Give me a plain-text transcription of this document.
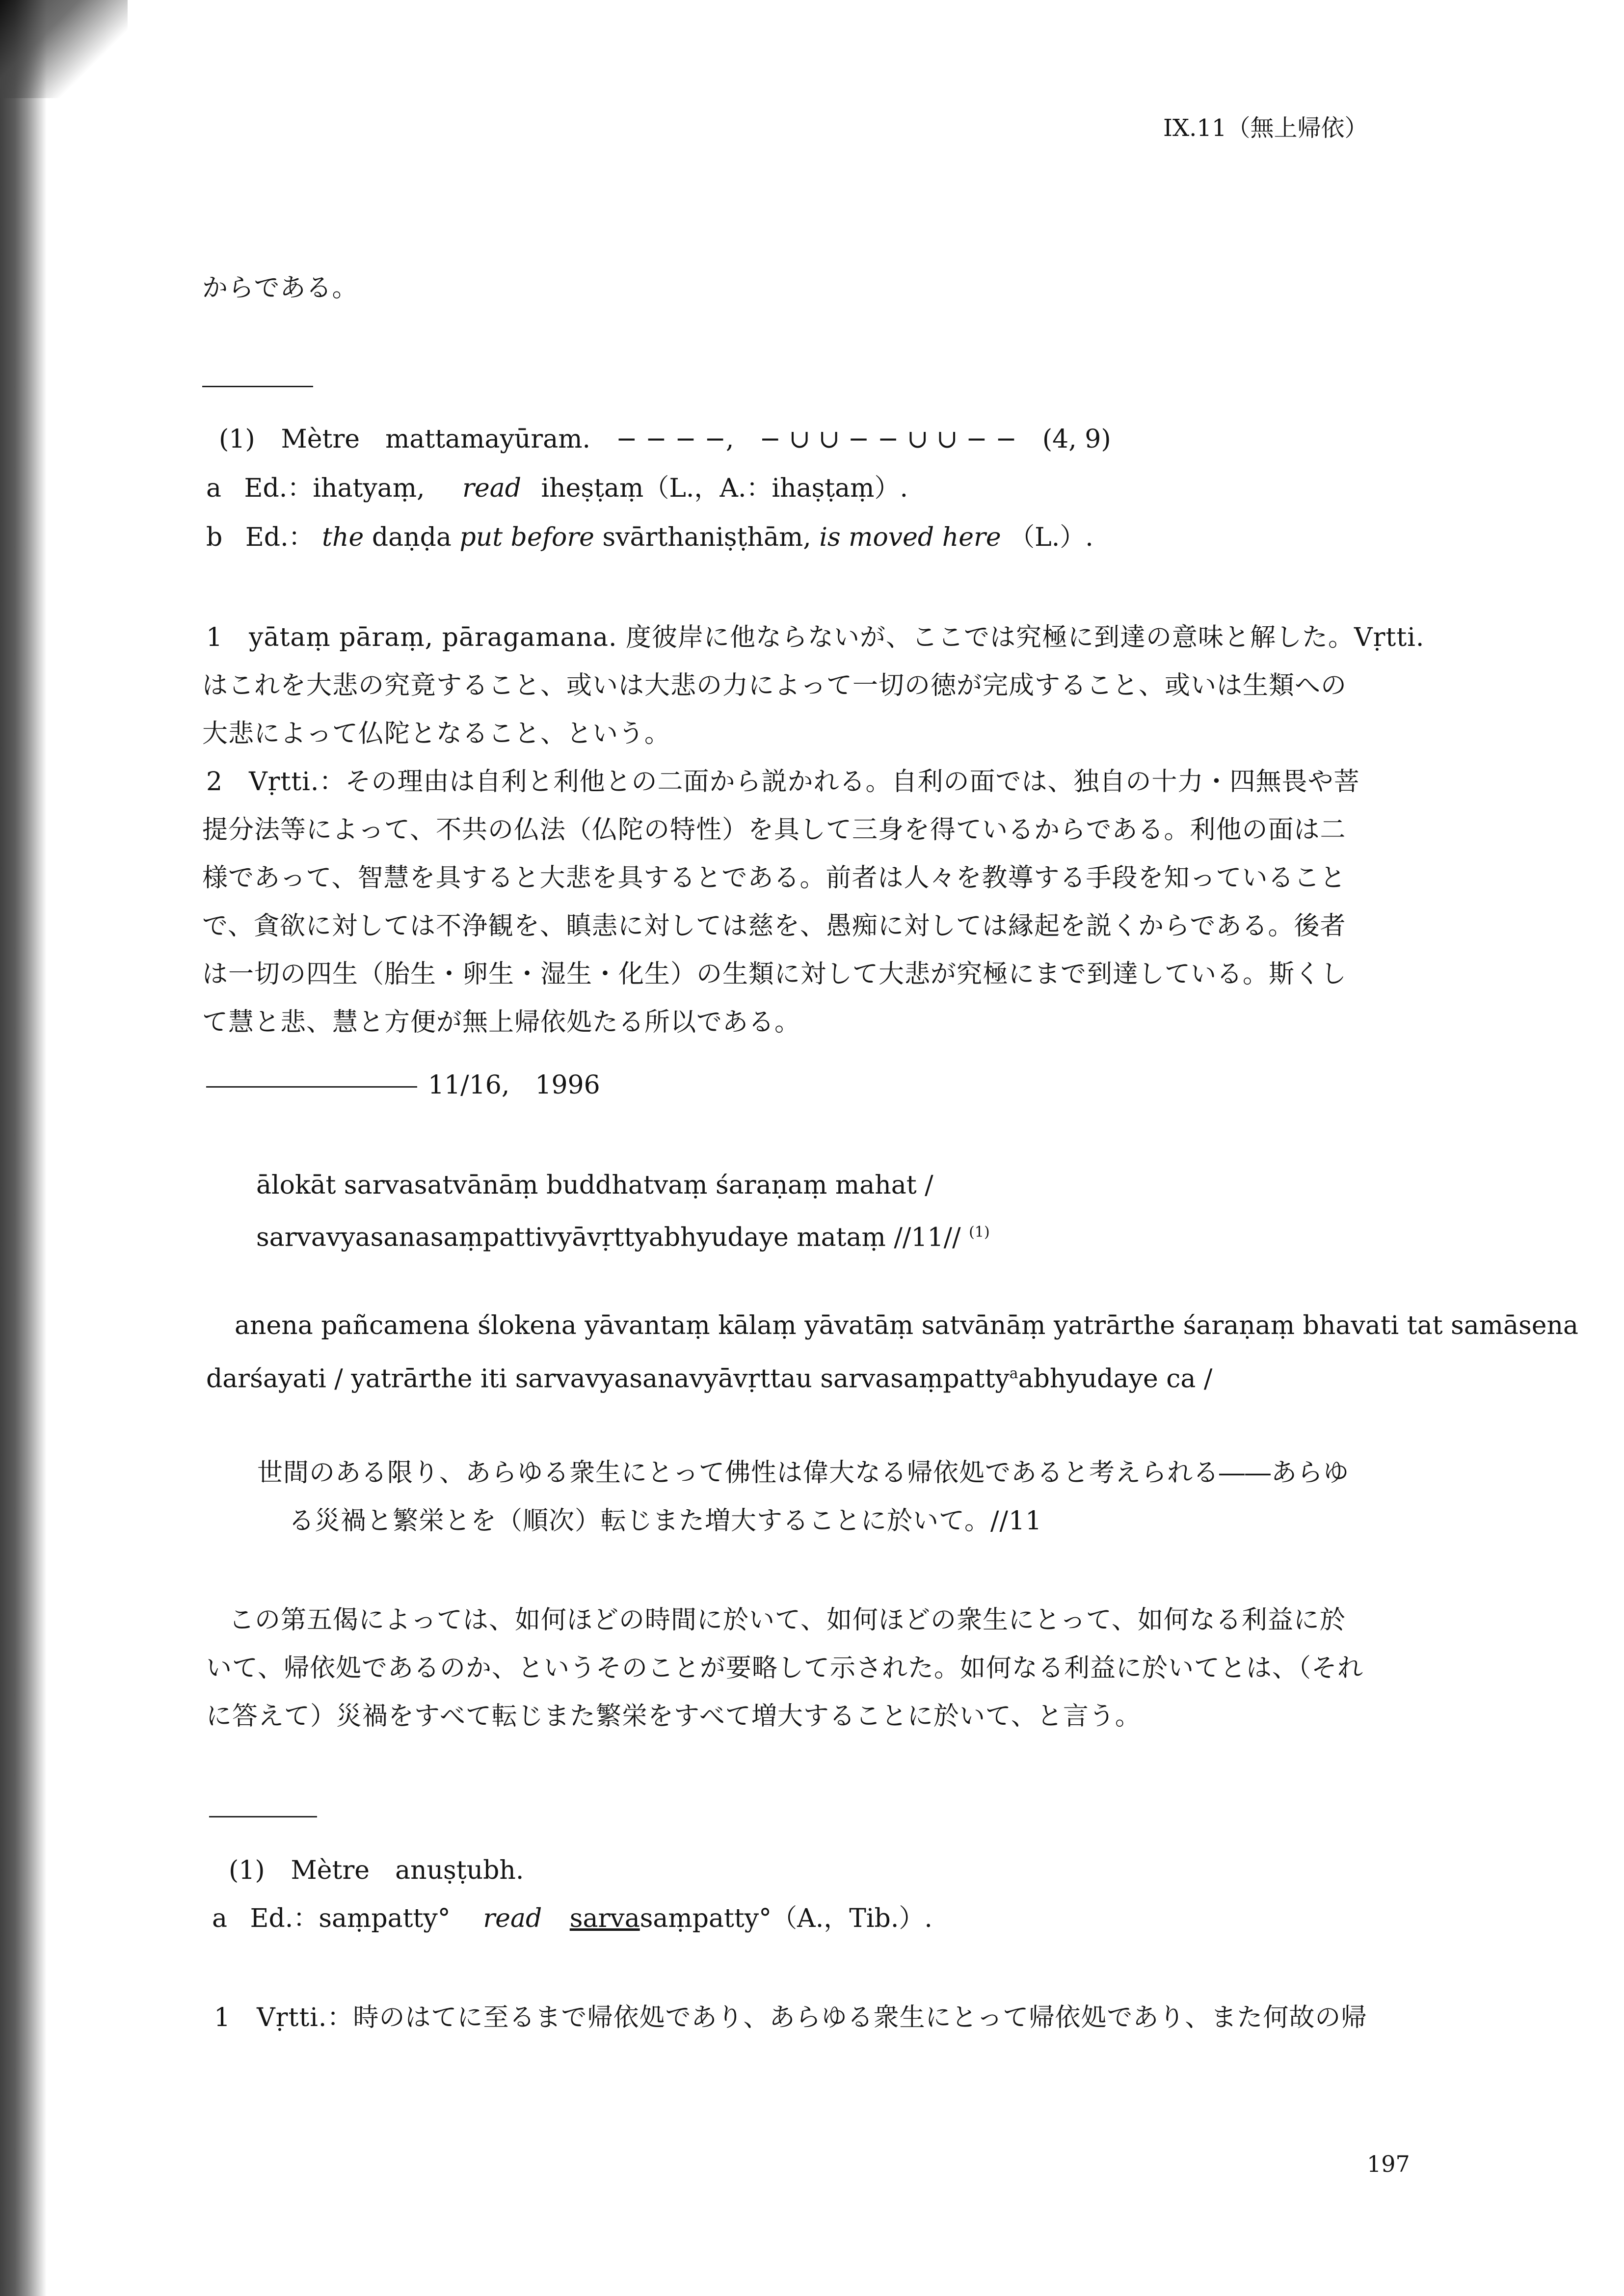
IX.11（無上帰依）
からである。
(1) Mètre　mattamayūram.　− − − −,　− ∪ ∪ − − ∪ ∪ − −　(4, 9)
a Ed.：ihatyaṃ, read iheṣṭaṃ（L.，A.：ihaṣṭaṃ）.
b Ed.： the daṇḍa put before svārthaniṣṭhām, is moved here （L.）.
1　yātaṃ pāraṃ, pāragamana. 度彼岸に他ならないが、ここでは究極に到達の意味と解した。Vṛtti.
はこれを大悲の究竟すること、或いは大悲の力によって一切の徳が完成すること、或いは生類への
大悲によって仏陀となること、という。
2　Vṛtti.：その理由は自利と利他との二面から説かれる。自利の面では、独自の十力・四無畏や菩
提分法等によって、不共の仏法（仏陀の特性）を具して三身を得ているからである。利他の面は二
様であって、智慧を具すると大悲を具するとである。前者は人々を教導する手段を知っていること
で、貪欲に対しては不浄観を、瞋恚に対しては慈を、愚痴に対しては縁起を説くからである。後者
は一切の四生（胎生・卵生・湿生・化生）の生類に対して大悲が究極にまで到達している。斯くし
て慧と悲、慧と方便が無上帰依処たる所以である。
11/16,　1996
ālokāt sarvasatvānāṃ buddhatvaṃ śaraṇaṃ mahat /
sarvavyasanasaṃpattivyāvṛttyabhyudaye mataṃ //11// $^{(1)}$
anena pañcamena ślokena yāvantaṃ kālaṃ yāvatāṃ satvānāṃ yatrārthe śaraṇaṃ bhavati tat samāsena
darśayati / yatrārthe iti sarvavyasanavyāvṛttau sarvasaṃpatty$^a$abhyudaye ca /
世間のある限り、あらゆる衆生にとって佛性は偉大なる帰依処であると考えられる――あらゆ
る災禍と繁栄とを（順次）転じまた増大することに於いて。//11
この第五偈によっては、如何ほどの時間に於いて、如何ほどの衆生にとって、如何なる利益に於
いて、帰依処であるのか、というそのことが要略して示された。如何なる利益に於いてとは、（それ
に答えて）災禍をすべて転じまた繁栄をすべて増大することに於いて、と言う。
(1) Mètre　anuṣṭubh.
a Ed.：saṃpatty° read sarvasaṃpatty°（A.，Tib.）.
1　Vṛtti.：時のはてに至るまで帰依処であり、あらゆる衆生にとって帰依処であり、また何故の帰
197
